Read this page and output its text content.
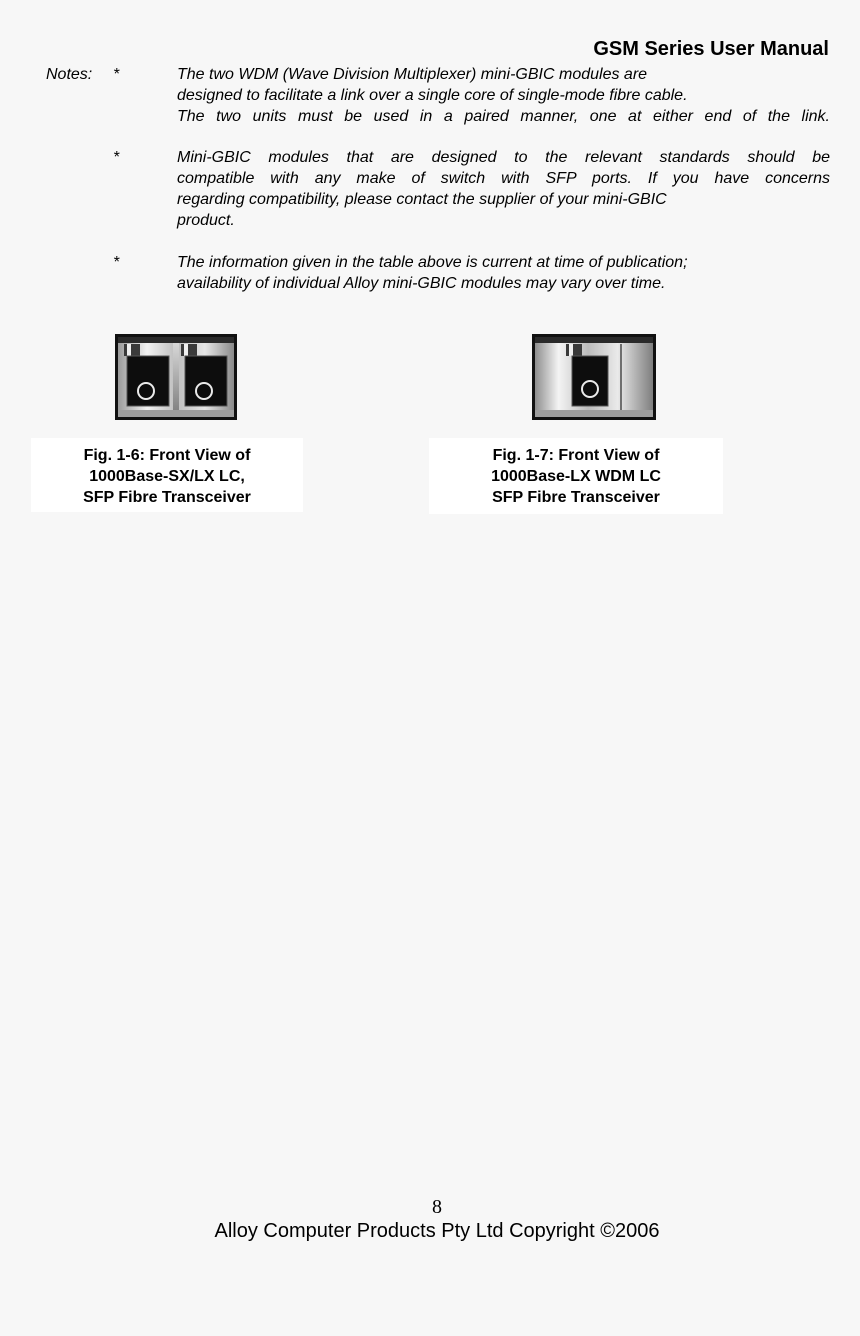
GSM Series User Manual
Notes: *	The two WDM (Wave Division Multiplexer) mini-GBIC modules are
designed to facilitate a link over a single core of single-mode fibre cable.
The two units must be used in a paired manner, one at either end of the link.
*	Mini-GBIC modules that are designed to the relevant standards should be
compatible with any make of switch with SFP ports. If you have concerns
regarding compatibility, please contact the supplier of your mini-GBIC
product.
*	The information given in the table above is current at time of publication;
availability of individual Alloy mini-GBIC modules may vary over time.
Fig. 1-6: Front View of
1000Base-SX/LX LC,
SFP Fibre Transceiver
Fig. 1-7: Front View of
1000Base-LX WDM LC
SFP Fibre Transceiver
8
Alloy Computer Products Pty Ltd Copyright ©2006
